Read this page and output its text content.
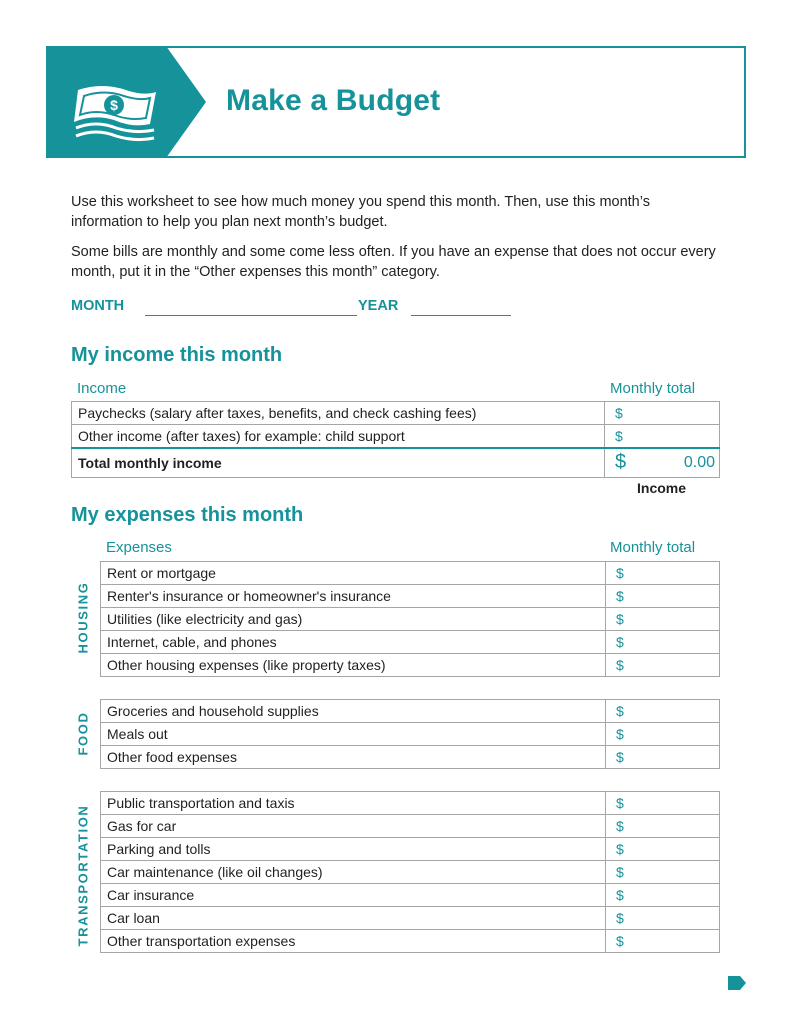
$	Make a Budget
Use this worksheet to see how much money you spend this month. Then, use this month’s information to help you plan next month’s budget.
Some bills are monthly and some come less often. If you have an expense that does not occur every month, put it in the “Other expenses this month” category.
MONTH	YEAR
My income this month
Income	Monthly total
Paychecks (salary after taxes, benefits, and check cashing fees)	$
Other income (after taxes) for example: child support	$
Total monthly income	$ 0.00
Income
My expenses this month
Expenses	Monthly total
HOUSING
Rent or mortgage	$
Renter's insurance or homeowner's insurance	$
Utilities (like electricity and gas)	$
Internet, cable, and phones	$
Other housing expenses (like property taxes)	$
FOOD
Groceries and household supplies	$
Meals out	$
Other food expenses	$
TRANSPORTATION
Public transportation and taxis	$
Gas for car	$
Parking and tolls	$
Car maintenance (like oil changes)	$
Car insurance	$
Car loan	$
Other transportation expenses	$
